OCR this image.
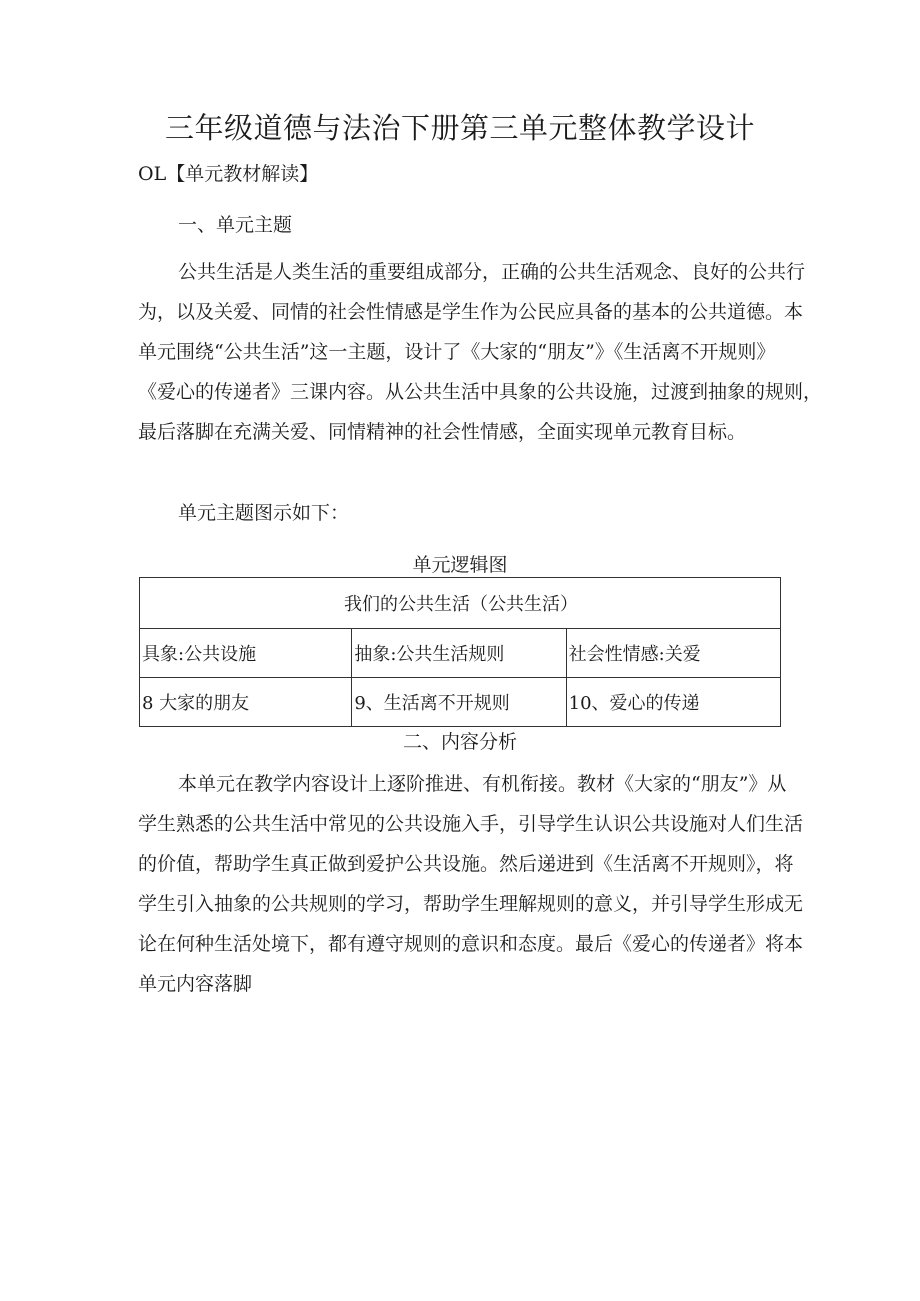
三年级道德与法治下册第三单元整体教学设计

OL【单元教材解读】

一、单元主题

公共生活是人类生活的重要组成部分，正确的公共生活观念、良好的公共行
为，以及关爱、同情的社会性情感是学生作为公民应具备的基本的公共道德。本
单元围绕“公共生活”这一主题，设计了《大家的“朋友”》《生活离不开规则》
《爱心的传递者》三课内容。从公共生活中具象的公共设施，过渡到抽象的规则，
最后落脚在充满关爱、同情精神的社会性情感，全面实现单元教育目标。

单元主题图示如下：

单元逻辑图

我们的公共生活（公共生活）		
具象:公共设施	抽象:公共生活规则	社会性情感:关爱
8 大家的朋友	9、生活离不开规则	10、爱心的传递

二、内容分析

本单元在教学内容设计上逐阶推进、有机衔接。教材《大家的“朋友”》从
学生熟悉的公共生活中常见的公共设施入手，引导学生认识公共设施对人们生活
的价值，帮助学生真正做到爱护公共设施。然后递进到《生活离不开规则》，将
学生引入抽象的公共规则的学习，帮助学生理解规则的意义，并引导学生形成无
论在何种生活处境下，都有遵守规则的意识和态度。最后《爱心的传递者》将本
单元内容落脚
